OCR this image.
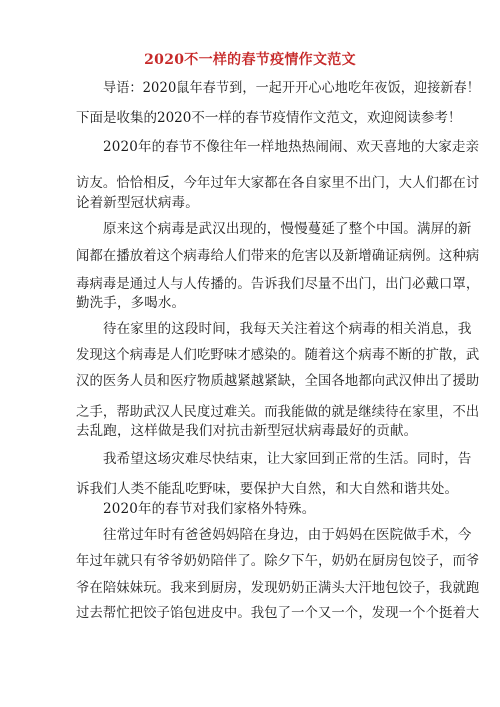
2020不一样的春节疫情作文范文
导语：2020鼠年春节到，一起开开心心地吃年夜饭，迎接新春！
下面是收集的2020不一样的春节疫情作文范文，欢迎阅读参考！
2020年的春节不像往年一样地热热闹闹、欢天喜地的大家走亲
访友。恰恰相反，今年过年大家都在各自家里不出门，大人们都在讨
论着新型冠状病毒。
原来这个病毒是武汉出现的，慢慢蔓延了整个中国。满屏的新
闻都在播放着这个病毒给人们带来的危害以及新增确证病例。这种病
毒病毒是通过人与人传播的。告诉我们尽量不出门，出门必戴口罩，
勤洗手，多喝水。
待在家里的这段时间，我每天关注着这个病毒的相关消息，我
发现这个病毒是人们吃野味才感染的。随着这个病毒不断的扩散，武
汉的医务人员和医疗物质越紧越紧缺，全国各地都向武汉伸出了援助
之手，帮助武汉人民度过难关。而我能做的就是继续待在家里，不出
去乱跑，这样做是我们对抗击新型冠状病毒最好的贡献。
我希望这场灾难尽快结束，让大家回到正常的生活。同时，告
诉我们人类不能乱吃野味，要保护大自然，和大自然和谐共处。
2020年的春节对我们家格外特殊。
往常过年时有爸爸妈妈陪在身边，由于妈妈在医院做手术，今
年过年就只有爷爷奶奶陪伴了。除夕下午，奶奶在厨房包饺子，而爷
爷在陪妹妹玩。我来到厨房，发现奶奶正满头大汗地包饺子，我就跑
过去帮忙把饺子馅包进皮中。我包了一个又一个，发现一个个挺着大
